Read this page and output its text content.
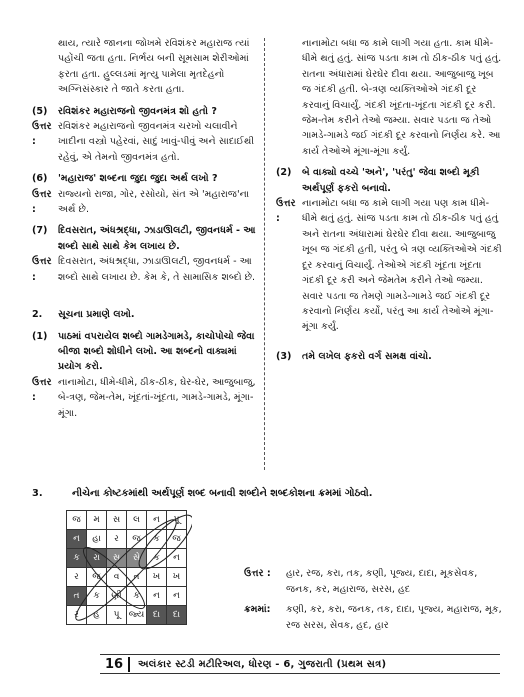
થાય, ત્યારે જાનના જોખમે રવિશંકર મહારાજ ત્યાં પહોંચી જતા હતા. નિર્ભય બની સૂમસામ શેરીઓમાં ફરતા હતા. હુલ્લડમાં મૃત્યુ પામેલા મૃતદેહનો અગ્નિસંસ્કાર તે જાતે કરતા હતા.

(5)	રવિશંકર મહારાજનો જીવનમંત્ર શો હતો ?
ઉત્તર :
રવિશંકર મહારાજનો જીવનમંત્ર ચરખો ચલાવીને ખાદીના વસ્ત્રો પહેરવાં, સાદું ખાવું-પીવું અને સાદાઈથી રહેવું, એ તેમનો જીવનમંત્ર હતો.
(6)	'મહારાજ' શબ્દના જુદા જુદા અર્થ લખો ?
ઉત્તર :
રાજ્યનો રાજા, ગોર, રસોયો, સંત એ 'મહારાજ'ના અર્થ છે.
(7)	દિવસરાત, અંધશ્રદ્ધા, ઝાડાઊલટી, જીવનધર્મ - આ શબ્દો સાથે સાથે કેમ લખાય છે.
ઉત્તર :
દિવસરાત, અંધશ્રદ્ધા, ઝાડાઊલટી, જીવનધર્મ - આ શબ્દો સાથે લખાય છે. કેમ કે, તે સામાસિક શબ્દો છે.
2.	સૂચના પ્રમાણે લખો.
(1)	પાઠમાં વપરાયેલ શબ્દો ગામડેગામડે, કાચોપોચો જેવા બીજા શબ્દો શોધીને લખો. આ શબ્દનો વાક્યમાં પ્રયોગ કરો.
ઉત્તર :
નાનામોટા, ધીમે-ધીમે, ઠીક-ઠીક, ઘેર-ઘેર, આજુબાજુ, બે-ત્રણ, જેમ-તેમ, ખૂંદતાં-ખૂંદતા, ગામડે-ગામડે, મૂંગા-મૂંગા.

નાનામોટા બધા જ કામે લાગી ગયા હતા. કામ ધીમે-ધીમે થતું હતું. સાંજ પડતા કામ તો ઠીક-ઠીક પતું હતું. રાતના અંધારામાં ઘેરઘેર દીવા થયા. આજુબાજુ ખૂબ જ ગંદકી હતી. બે-ત્રણ વ્યક્તિઓએ ગંદકી દૂર કરવાનું વિચાર્યું. ગંદકી ખૂંદતા-ખૂંદતા ગંદકી દૂર કરી. જેમ-તેમ કરીને તેઓ જમ્યા. સવાર પડતા જ તેઓ ગામડે-ગામડે જઈ ગંદકી દૂર કરવાનો નિર્ણય કરે. આ કાર્ય તેઓએ મૂંગા-મૂંગા કર્યું.

(2)	બે વાક્યો વચ્ચે 'અને', 'પરંતુ' જેવા શબ્દો મૂકી અર્થપૂર્ણ ફકરો બનાવો.
ઉત્તર :
નાનામોટા બધા જ કામે લાગી ગયા પણ કામ ધીમે-ધીમે થતું હતું. સાંજ પડતા કામ તો ઠીક-ઠીક પતું હતું અને રાતના અંધારામાં ઘેરઘેર દીવા થયા. આજુબાજુ ખૂબ જ ગંદકી હતી, પરંતુ બે ત્રણ વ્યક્તિઓએ ગંદકી દૂર કરવાનું વિચાર્યું. તેઓએ ગંદકી ખૂંદતા ખૂંદતા ગંદકી દૂર કરી અને જેમતેમ કરીને તેઓ જમ્યા. સવાર પડતા જ તેમણે ગામડે-ગામડે જઈ ગંદકી દૂર કરવાનો નિર્ણય કર્યો, પરંતુ આ કાર્ય તેઓએ મૂંગા-મૂંગા કર્યું.
(3)	તમે લખેલ ફકરો વર્ગ સમક્ષ વાંચો.
3.	નીચેના કોષ્ટકમાંથી અર્થપૂર્ણ શબ્દ બનાવી શબ્દોને શબ્દકોશના ક્રમમાં ગોઠવો.
જ	મ	સ	લ	ન	પૂ
ન	હા	ર	જ	ક	જ
ક	રા	સ	સે	ક	ન
ર	જ	વ	ત	ખ	ખ
ત	ક	ણી	ક	ન	ન
ર	હ	પૂ	જ્ય	દા	દા
ઉત્તર :	હાર, રજ, કરા, તક, કણી, પૂજ્ય, દાદા, મૂકસેવક, જનક, કર, મહારાજ, સરસ, હદ
ક્રમમાં:	કણી, કર, કરા, જનક, તક, દાદા, પૂજ્ય, મહારાજ, મૂક, રજ સરસ, સેવક, હદ, હાર
16	અલંકાર સ્ટડી મટીરિઅલ, ધોરણ - 6, ગુજરાતી (પ્રથમ સત્ર)
